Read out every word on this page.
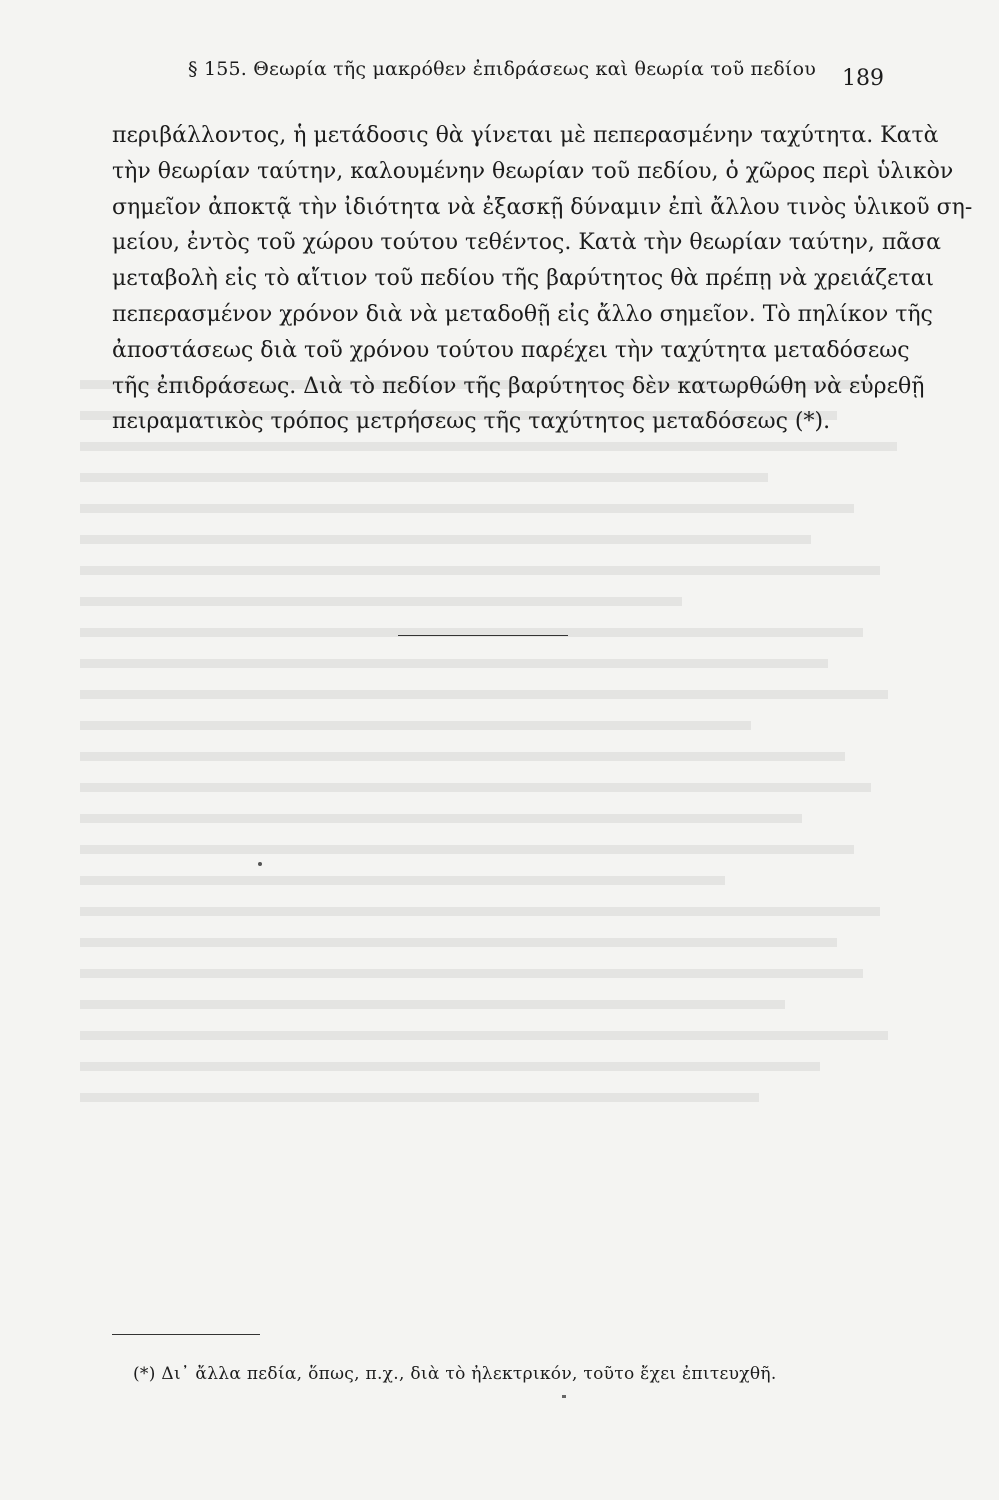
§ 155. Θεωρία τῆς μακρόθεν ἐπιδράσεως καὶ θεωρία τοῦ πεδίου 189
περιβάλλοντος, ἡ μετάδοσις θὰ γίνεται μὲ πεπερασμένην ταχύτητα. Κατὰ
τὴν θεωρίαν ταύτην, καλουμένην θεωρίαν τοῦ πεδίου, ὁ χῶρος περὶ ὑλικὸν
σημεῖον ἀποκτᾷ τὴν ἰδιότητα νὰ ἐξασκῇ δύναμιν ἐπὶ ἄλλου τινὸς ὑλικοῦ ση-
μείου, ἐντὸς τοῦ χώρου τούτου τεθέντος. Κατὰ τὴν θεωρίαν ταύτην, πᾶσα
μεταβολὴ εἰς τὸ αἴτιον τοῦ πεδίου τῆς βαρύτητος θὰ πρέπῃ νὰ χρειάζεται
πεπερασμένον χρόνον διὰ νὰ μεταδοθῇ εἰς ἄλλο σημεῖον. Τὸ πηλίκον τῆς
ἀποστάσεως διὰ τοῦ χρόνου τούτου παρέχει τὴν ταχύτητα μεταδόσεως
τῆς ἐπιδράσεως. Διὰ τὸ πεδίον τῆς βαρύτητος δὲν κατωρθώθη νὰ εὑρεθῇ
πειραματικὸς τρόπος μετρήσεως τῆς ταχύτητος μεταδόσεως (*).
(*) Δι᾿ ἄλλα πεδία, ὅπως, π.χ., διὰ τὸ ἠλεκτρικόν, τοῦτο ἔχει ἐπιτευχθῆ.
